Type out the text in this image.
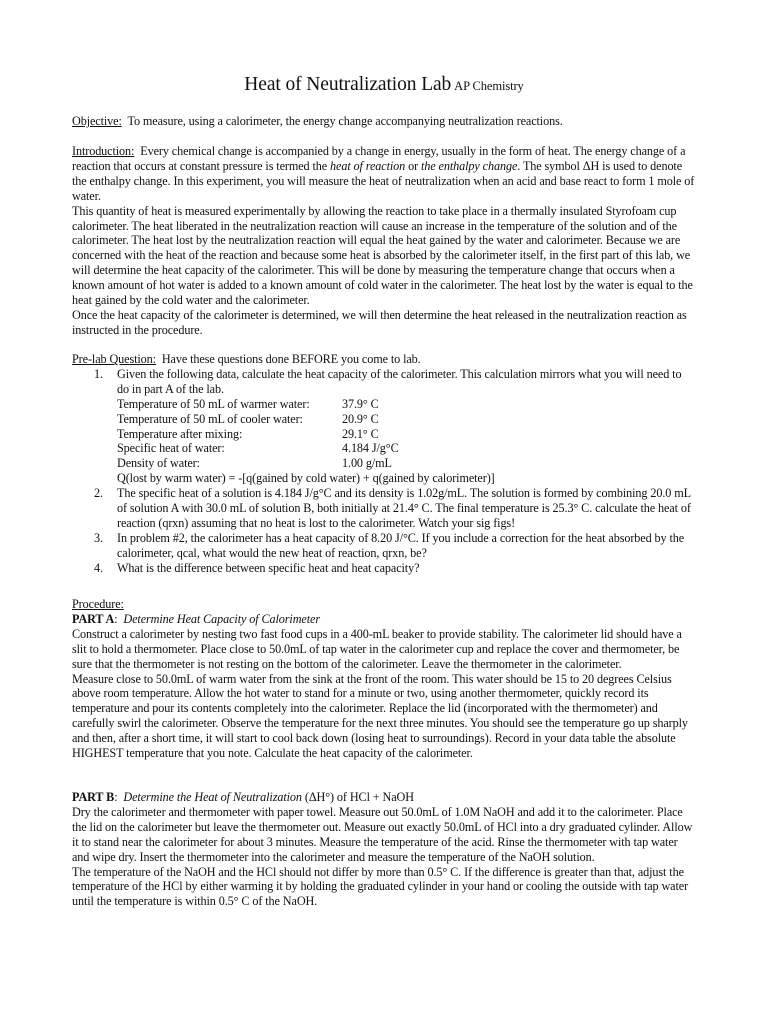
Heat of Neutralization Lab AP Chemistry

Objective: To measure, using a calorimeter, the energy change accompanying neutralization reactions.

Introduction: Every chemical change is accompanied by a change in energy, usually in the form of heat. The energy change of a reaction that occurs at constant pressure is termed the heat of reaction or the enthalpy change. The symbol ΔH is used to denote the enthalpy change. In this experiment, you will measure the heat of neutralization when an acid and base react to form 1 mole of water.

This quantity of heat is measured experimentally by allowing the reaction to take place in a thermally insulated Styrofoam cup calorimeter. The heat liberated in the neutralization reaction will cause an increase in the temperature of the solution and of the calorimeter. The heat lost by the neutralization reaction will equal the heat gained by the water and calorimeter. Because we are concerned with the heat of the reaction and because some heat is absorbed by the calorimeter itself, in the first part of this lab, we will determine the heat capacity of the calorimeter. This will be done by measuring the temperature change that occurs when a known amount of hot water is added to a known amount of cold water in the calorimeter. The heat lost by the water is equal to the heat gained by the cold water and the calorimeter.

Once the heat capacity of the calorimeter is determined, we will then determine the heat released in the neutralization reaction as instructed in the procedure.

Pre-lab Question: Have these questions done BEFORE you come to lab.

1. Given the following data, calculate the heat capacity of the calorimeter. This calculation mirrors what you will need to do in part A of the lab.
Temperature of 50 mL of warmer water:	37.9° C
Temperature of 50 mL of cooler water:	20.9° C
Temperature after mixing:	29.1° C
Specific heat of water:	4.184 J/g°C
Density of water:	1.00 g/mL
Q(lost by warm water) = -[q(gained by cold water) + q(gained by calorimeter)]
2. The specific heat of a solution is 4.184 J/g°C and its density is 1.02g/mL. The solution is formed by combining 20.0 mL of solution A with 30.0 mL of solution B, both initially at 21.4° C. The final temperature is 25.3° C. calculate the heat of reaction (qrxn) assuming that no heat is lost to the calorimeter. Watch your sig figs!
3. In problem #2, the calorimeter has a heat capacity of 8.20 J/°C. If you include a correction for the heat absorbed by the calorimeter, qcal, what would the new heat of reaction, qrxn, be?
4. What is the difference between specific heat and heat capacity?

Procedure:

PART A:  Determine Heat Capacity of Calorimeter

Construct a calorimeter by nesting two fast food cups in a 400-mL beaker to provide stability. The calorimeter lid should have a slit to hold a thermometer. Place close to 50.0mL of tap water in the calorimeter cup and replace the cover and thermometer, be sure that the thermometer is not resting on the bottom of the calorimeter. Leave the thermometer in the calorimeter.

Measure close to 50.0mL of warm water from the sink at the front of the room. This water should be 15 to 20 degrees Celsius above room temperature. Allow the hot water to stand for a minute or two, using another thermometer, quickly record its temperature and pour its contents completely into the calorimeter. Replace the lid (incorporated with the thermometer) and carefully swirl the calorimeter. Observe the temperature for the next three minutes. You should see the temperature go up sharply and then, after a short time, it will start to cool back down (losing heat to surroundings). Record in your data table the absolute HIGHEST temperature that you note. Calculate the heat capacity of the calorimeter.

PART B:  Determine the Heat of Neutralization (ΔH°) of HCl + NaOH

Dry the calorimeter and thermometer with paper towel. Measure out 50.0mL of 1.0M NaOH and add it to the calorimeter. Place the lid on the calorimeter but leave the thermometer out. Measure out exactly 50.0mL of HCl into a dry graduated cylinder. Allow it to stand near the calorimeter for about 3 minutes. Measure the temperature of the acid. Rinse the thermometer with tap water and wipe dry. Insert the thermometer into the calorimeter and measure the temperature of the NaOH solution.

The temperature of the NaOH and the HCl should not differ by more than 0.5° C. If the difference is greater than that, adjust the temperature of the HCl by either warming it by holding the graduated cylinder in your hand or cooling the outside with tap water until the temperature is within 0.5° C of the NaOH.
